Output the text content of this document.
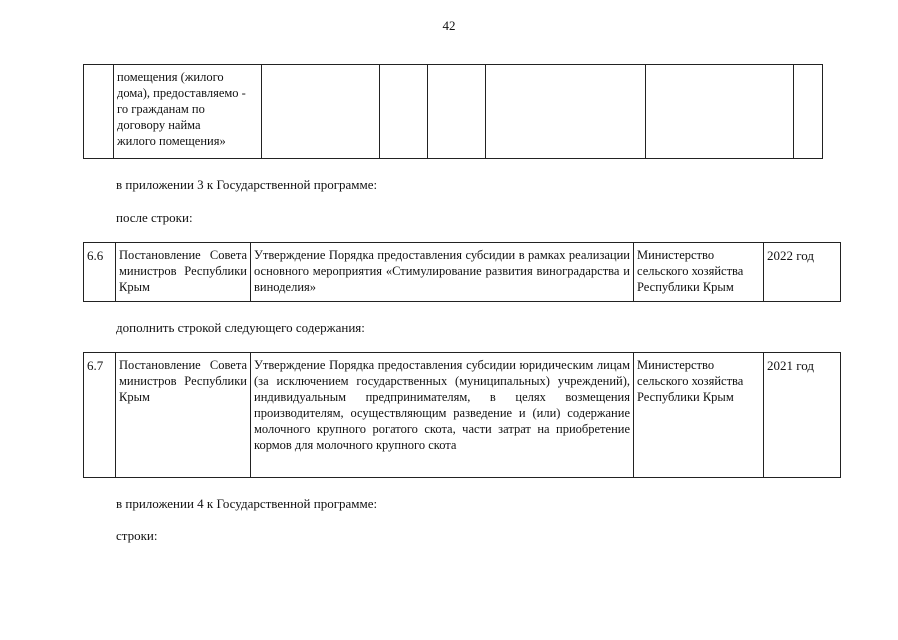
42
помещения (жилого
дома), предоставляемо -
го гражданам по
договору найма
жилого помещения»
в приложении 3 к Государственной программе:
после строки:
6.6	Постановление Совета министров Республики Крым
Утверждение Порядка предоставления субсидии в рамках реализации основного мероприятия «Стимулирование развития виноградарства и виноделия»
Министерство сельского хозяйства Республики Крым
2022 год
дополнить строкой следующего содержания:
6.7	Постановление Совета министров Республики Крым
Утверждение Порядка предоставления субсидии юридическим лицам (за исключением государственных (муниципальных) учреждений), индивидуальным предпринимателям, в целях возмещения производителям, осуществляющим разведение и (или) содержание молочного крупного рогатого скота, части затрат на приобретение кормов для молочного крупного скота
Министерство сельского хозяйства Республики Крым
2021 год
в приложении 4 к Государственной программе:
строки:
